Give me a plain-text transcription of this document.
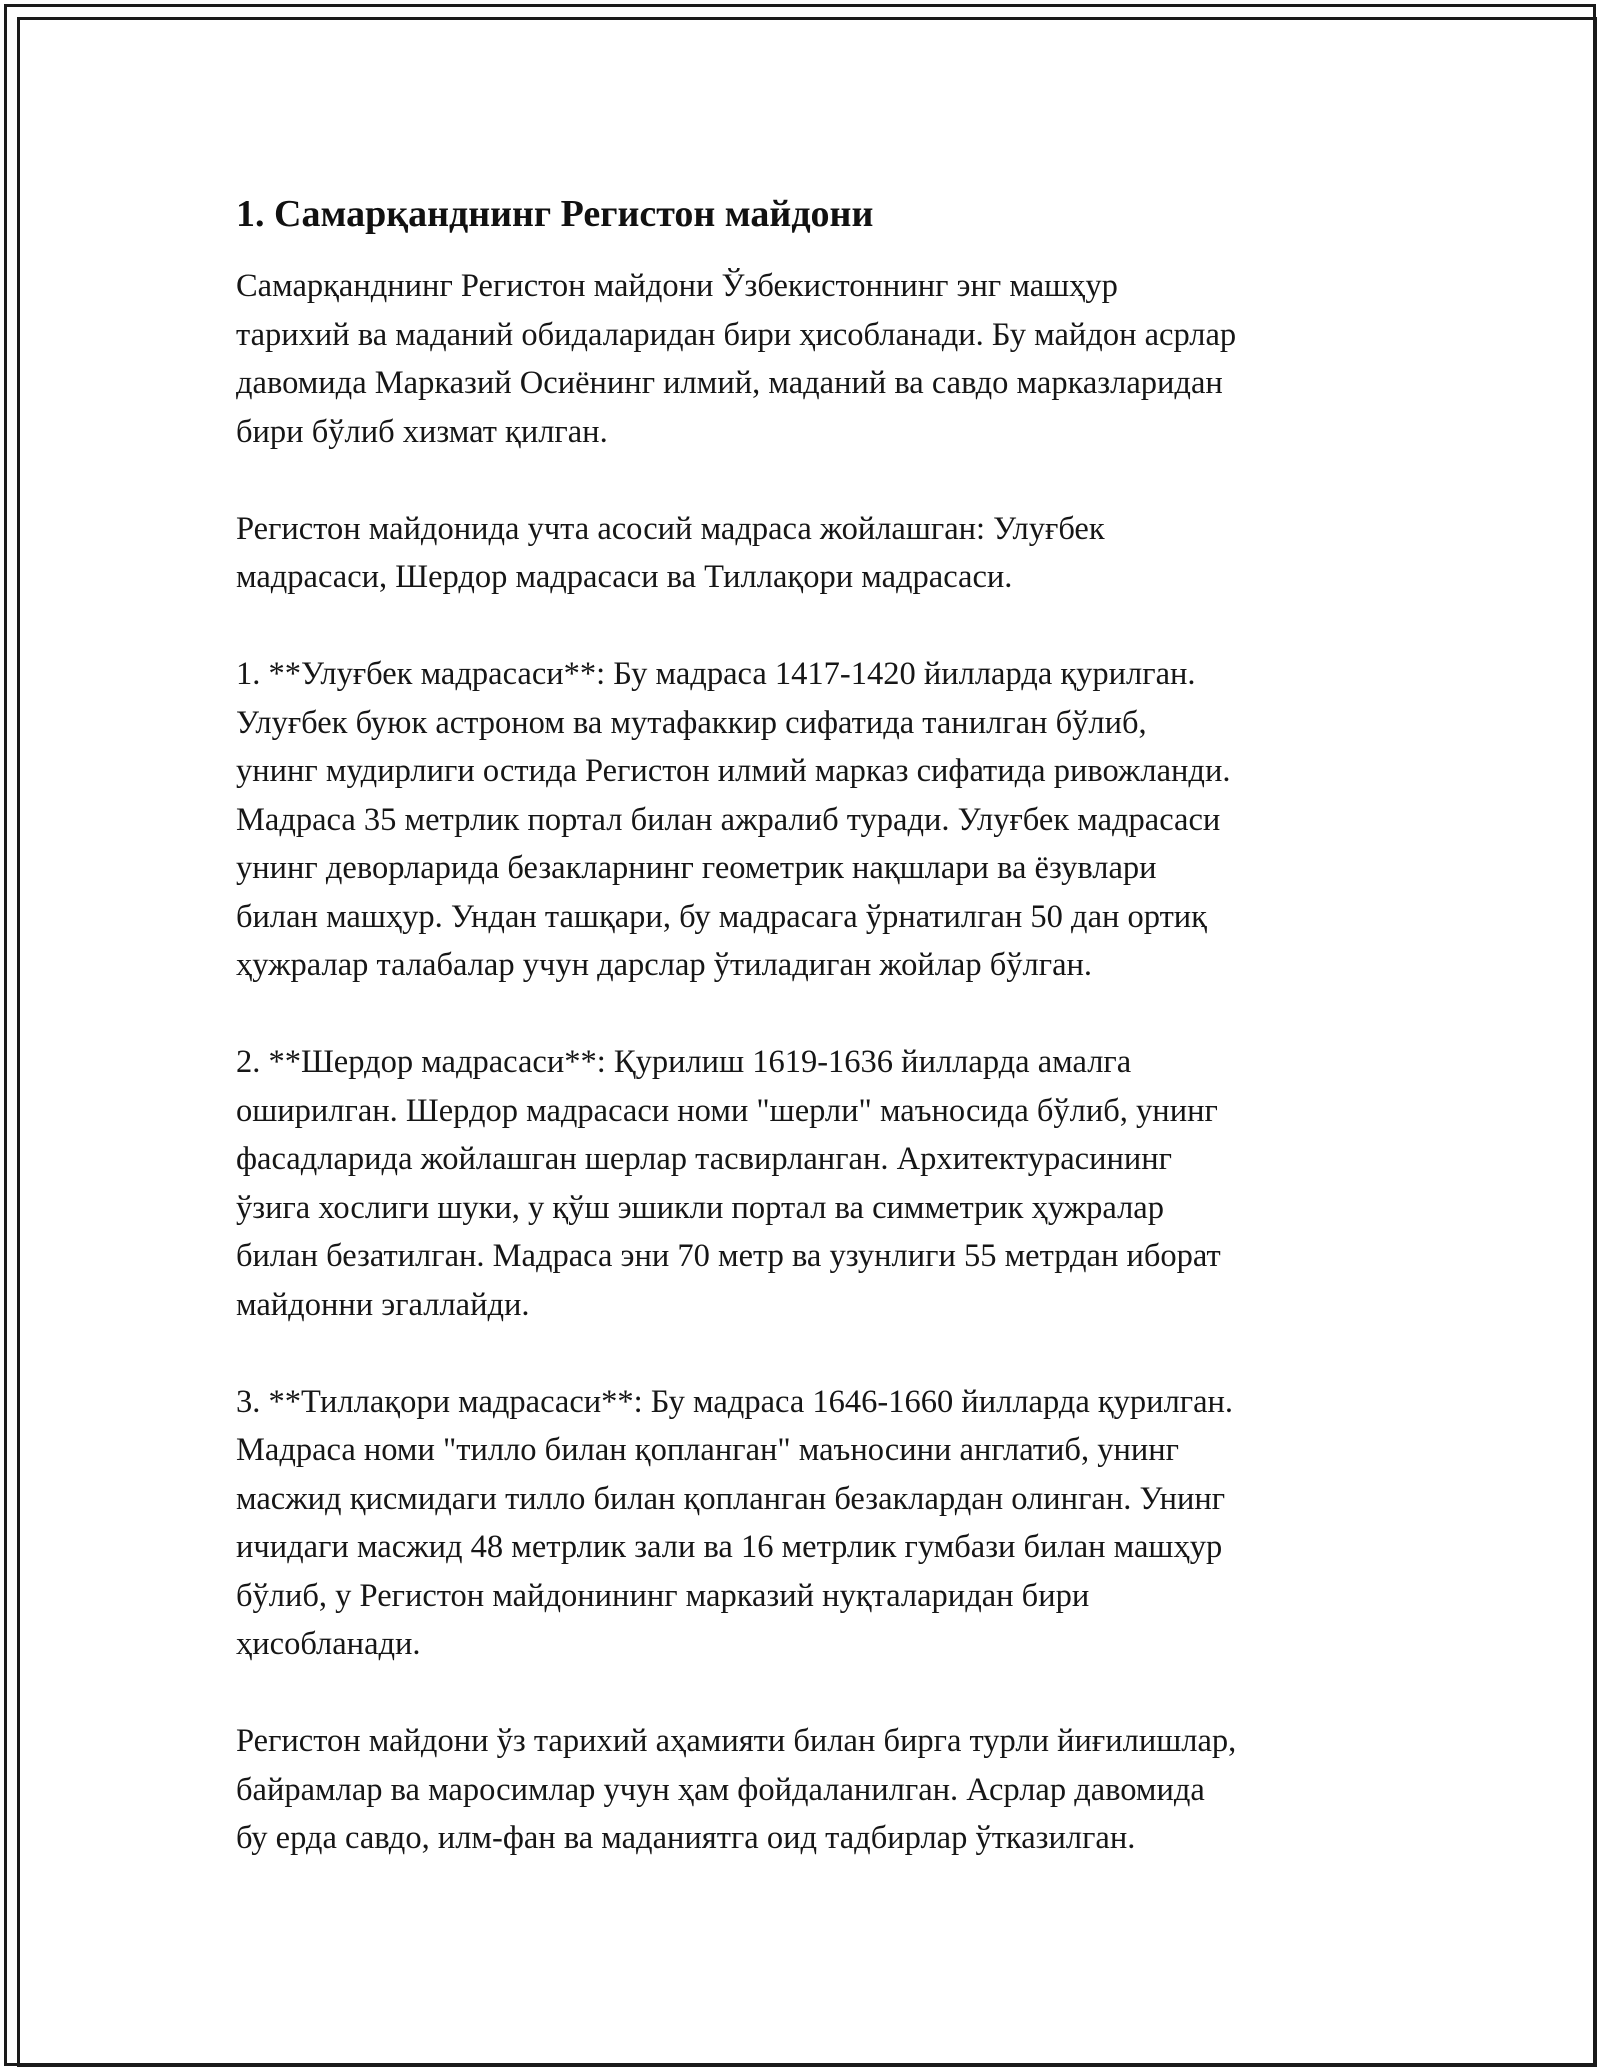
1. Самарқанднинг Регистон майдони

Самарқанднинг Регистон майдони Ўзбекистоннинг энг машҳур
тарихий ва маданий обидаларидан бири ҳисобланади. Бу майдон асрлар
давомида Марказий Осиёнинг илмий, маданий ва савдо марказларидан
бири бўлиб хизмат қилган.

Регистон майдонида учта асосий мадраса жойлашган: Улуғбек
мадрасаси, Шердор мадрасаси ва Тиллақори мадрасаси.

1. **Улуғбек мадрасаси**: Бу мадраса 1417-1420 йилларда қурилган.
Улуғбек буюк астроном ва мутафаккир сифатида танилган бўлиб,
унинг мудирлиги остида Регистон илмий марказ сифатида ривожланди.
Мадраса 35 метрлик портал билан ажралиб туради. Улуғбек мадрасаси
унинг деворларида безакларнинг геометрик нақшлари ва ёзувлари
билан машҳур. Ундан ташқари, бу мадрасага ўрнатилган 50 дан ортиқ
ҳужралар талабалар учун дарслар ўтиладиган жойлар бўлган.

2. **Шердор мадрасаси**: Қурилиш 1619-1636 йилларда амалга
оширилган. Шердор мадрасаси номи "шерли" маъносида бўлиб, унинг
фасадларида жойлашган шерлар тасвирланган. Архитектурасининг
ўзига хослиги шуки, у қўш эшикли портал ва симметрик ҳужралар
билан безатилган. Мадраса эни 70 метр ва узунлиги 55 метрдан иборат
майдонни эгаллайди.

3. **Тиллақори мадрасаси**: Бу мадраса 1646-1660 йилларда қурилган.
Мадраса номи "тилло билан қопланган" маъносини англатиб, унинг
масжид қисмидаги тилло билан қопланган безаклардан олинган. Унинг
ичидаги масжид 48 метрлик зали ва 16 метрлик гумбази билан машҳур
бўлиб, у Регистон майдонининг марказий нуқталаридан бири
ҳисобланади.

Регистон майдони ўз тарихий аҳамияти билан бирга турли йиғилишлар,
байрамлар ва маросимлар учун ҳам фойдаланилган. Асрлар давомида
бу ерда савдо, илм-фан ва маданиятга оид тадбирлар ўтказилган.
